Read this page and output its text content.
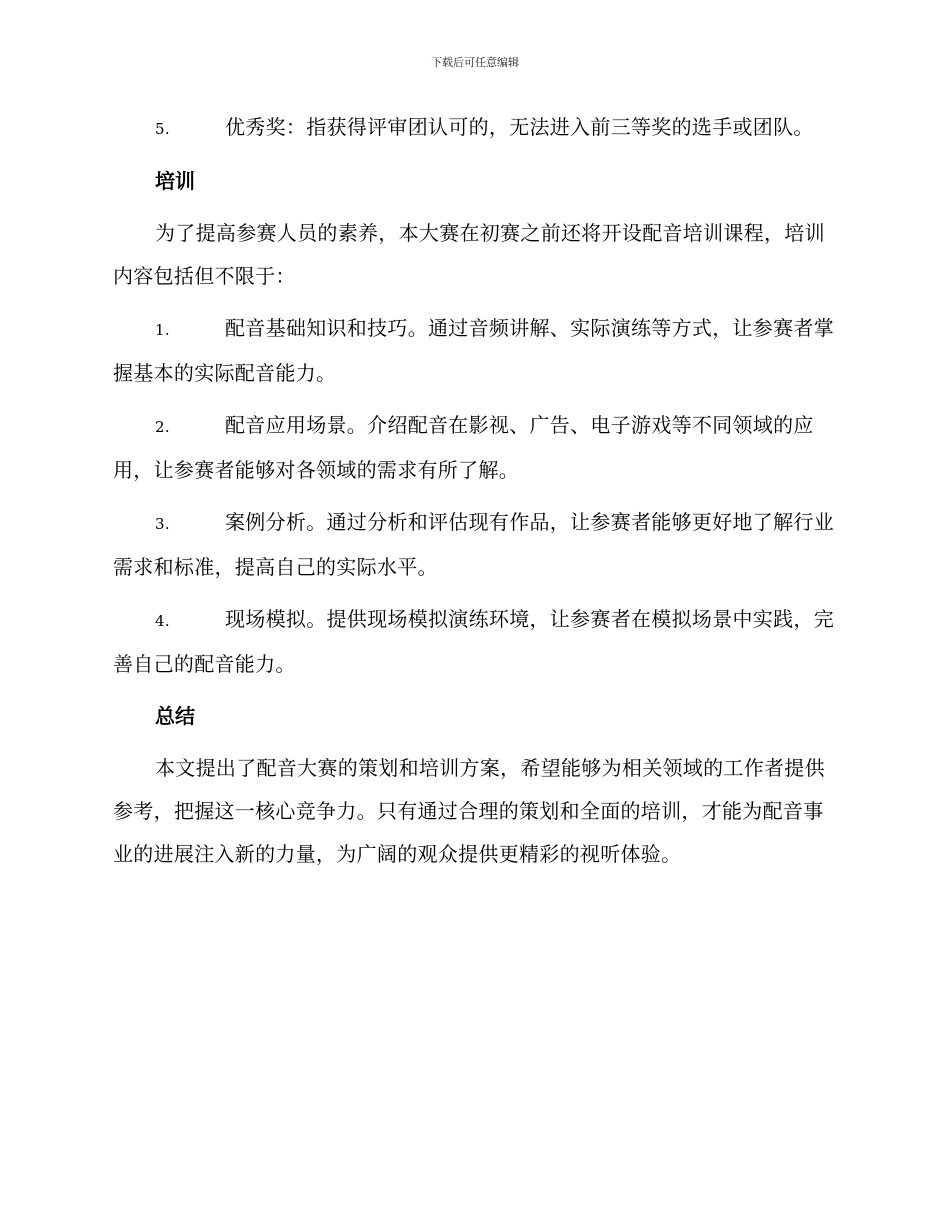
下载后可任意编辑

5.	优秀奖：指获得评审团认可的，无法进入前三等奖的选手或团队。

培训

为了提高参赛人员的素养，本大赛在初赛之前还将开设配音培训课程，培训内容包括但不限于：

1.	配音基础知识和技巧。通过音频讲解、实际演练等方式，让参赛者掌握基本的实际配音能力。

2.	配音应用场景。介绍配音在影视、广告、电子游戏等不同领域的应用，让参赛者能够对各领域的需求有所了解。

3.	案例分析。通过分析和评估现有作品，让参赛者能够更好地了解行业需求和标准，提高自己的实际水平。

4.	现场模拟。提供现场模拟演练环境，让参赛者在模拟场景中实践，完善自己的配音能力。

总结

本文提出了配音大赛的策划和培训方案，希望能够为相关领域的工作者提供参考，把握这一核心竞争力。只有通过合理的策划和全面的培训，才能为配音事业的进展注入新的力量，为广阔的观众提供更精彩的视听体验。
